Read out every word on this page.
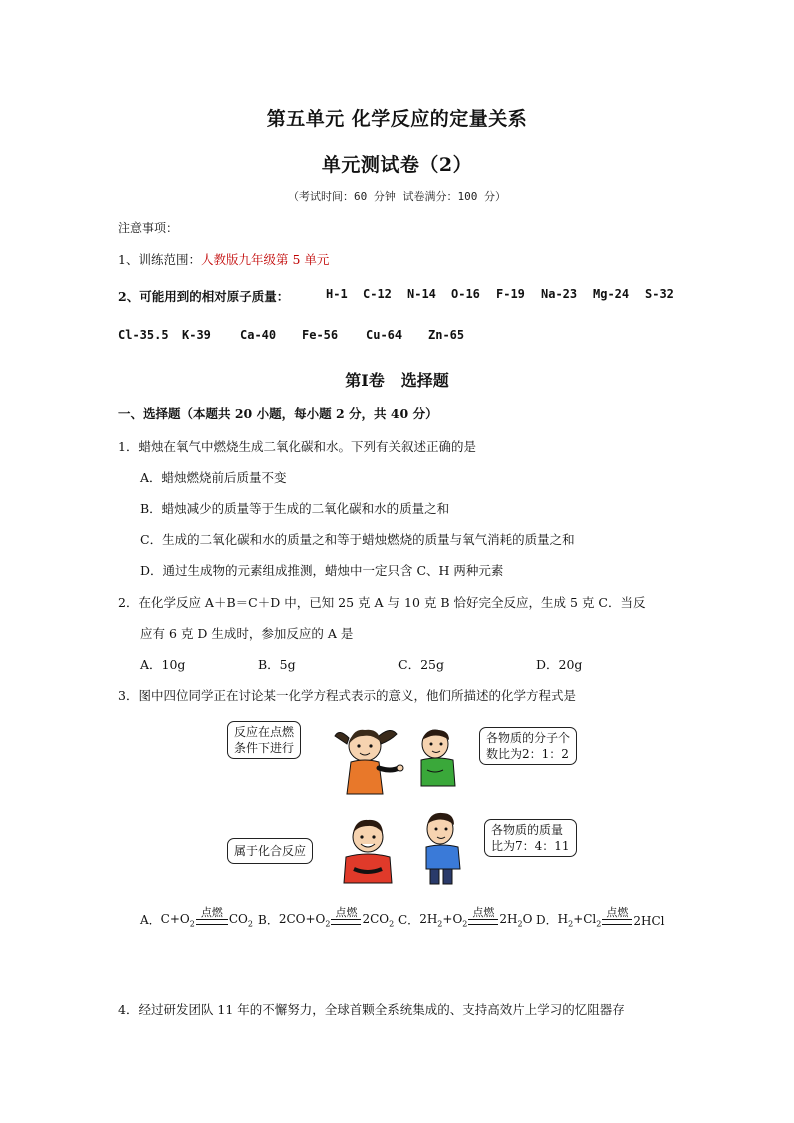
第五单元 化学反应的定量关系
单元测试卷（2）
（考试时间：60 分钟 试卷满分：100 分）
注意事项：
1、训练范围：人教版九年级第 5 单元
2、可能用到的相对原子质量：	H-1 C-12 N-14 O-16 F-19 Na-23 Mg-24 S-32
Cl-35.5 K-39 Ca-40 Fe-56 Cu-64 Zn-65
第Ⅰ卷　选择题
一、选择题（本题共 20 小题，每小题 2 分，共 40 分）
1．蜡烛在氧气中燃烧生成二氧化碳和水。下列有关叙述正确的是
A．蜡烛燃烧前后质量不变
B．蜡烛减少的质量等于生成的二氧化碳和水的质量之和
C．生成的二氧化碳和水的质量之和等于蜡烛燃烧的质量与氧气消耗的质量之和
D．通过生成物的元素组成推测，蜡烛中一定只含 C、H 两种元素
2．在化学反应 A＋B＝C＋D 中，已知 25 克 A 与 10 克 B 恰好完全反应，生成 5 克 C．当反
应有 6 克 D 生成时，参加反应的 A 是
A．10g	B．5g	C．25g	D．20g
3．图中四位同学正在讨论某一化学方程式表示的意义，他们所描述的化学方程式是
反应在点燃
条件下进行
各物质的分子个
数比为2：1：2
属于化合反应
各物质的质量
比为7：4：11
A． $C+O_2$
点燃 $CO_2$ B． $2CO+O_2$
点燃 $2CO_2$ C． $2H_2+O_2$
点燃 $2H_2O$ D． $H_2+Cl_2$
点燃
2HCl
4．经过研发团队 11 年的不懈努力，全球首颗全系统集成的、支持高效片上学习的忆阻器存
